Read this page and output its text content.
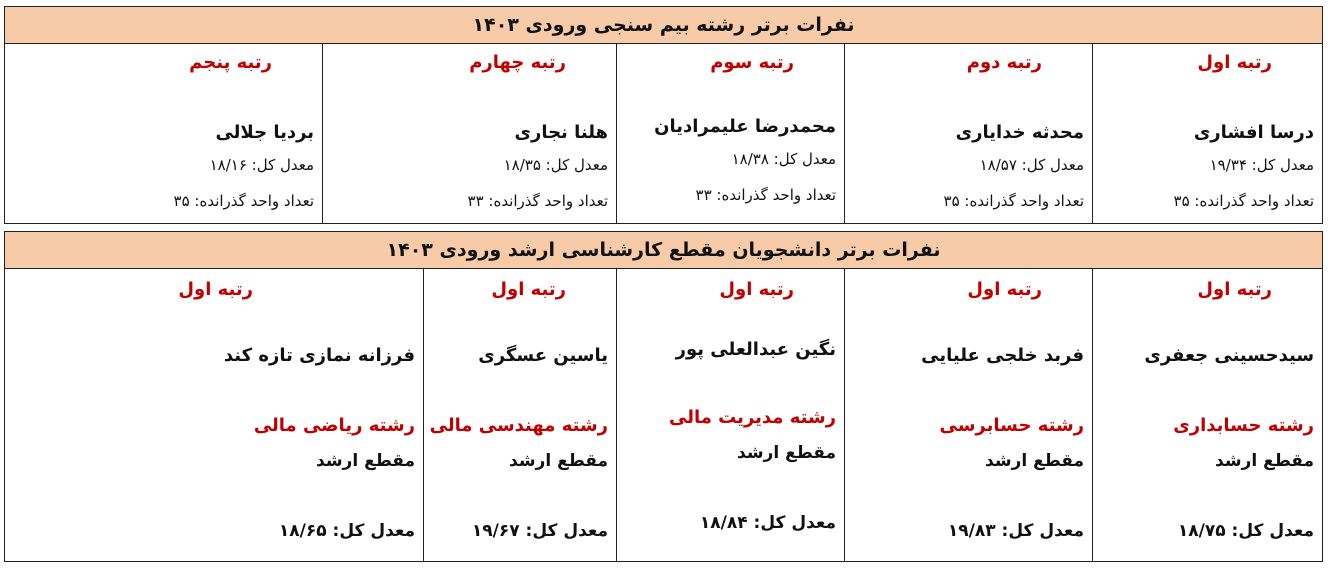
نفرات برتر رشته بیم سنجی ورودی ۱۴۰۳

رتبه اول
درسا افشاری
معدل کل: ۱۹/۳۴
تعداد واحد گذرانده: ۳۵

رتبه دوم
محدثه خدایاری
معدل کل: ۱۸/۵۷
تعداد واحد گذرانده: ۳۵

رتبه سوم
محمدرضا علیمرادیان
معدل کل: ۱۸/۳۸
تعداد واحد گذرانده: ۳۳

رتبه چهارم
هلنا نجاری
معدل کل: ۱۸/۳۵
تعداد واحد گذرانده: ۳۳

رتبه پنجم
بردیا جلالی
معدل کل: ۱۸/۱۶
تعداد واحد گذرانده: ۳۵
نفرات برتر دانشجویان مقطع کارشناسی ارشد ورودی ۱۴۰۳

رتبه اول
سیدحسینی جعفری
رشته حسابداری
مقطع ارشد
معدل کل: ۱۸/۷۵

رتبه اول
فربد خلجی علیایی
رشته حسابرسی
مقطع ارشد
معدل کل: ۱۹/۸۳

رتبه اول
نگین عبدالعلی پور
رشته مدیریت مالی
مقطع ارشد
معدل کل: ۱۸/۸۴

رتبه اول
یاسین عسگری
رشته مهندسی مالی
مقطع ارشد
معدل کل: ۱۹/۶۷

رتبه اول
فرزانه نمازی تازه کند
رشته ریاضی مالی
مقطع ارشد
معدل کل: ۱۸/۶۵
